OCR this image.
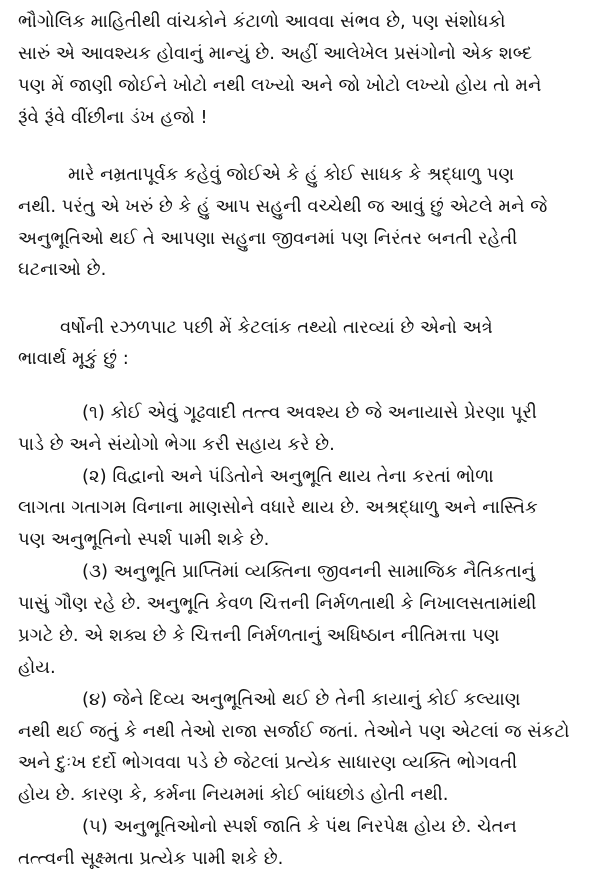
ભૌગોલિક માહિતીથી વાંચકોને કંટાળો આવવા સંભવ છે, પણ સંશોધકો
સારું એ આવશ્યક હોવાનું માન્યું છે. અહીં આલેખેલ પ્રસંગોનો એક શબ્દ
પણ મેં જાણી જોઈને ખોટો નથી લખ્યો અને જો ખોટો લખ્યો હોય તો મને
રૂંવે રૂંવે વીંછીના ડંખ હજો !
મારે નમ્રતાપૂર્વક કહેવું જોઈએ કે હું કોઈ સાધક કે શ્રદ્ધાળુ પણ
નથી. પરંતુ એ ખરું છે કે હું આપ સહુની વચ્ચેથી જ આવું છું એટલે મને જે
અનુભૂતિઓ થઈ તે આપણા સહુના જીવનમાં પણ નિરંતર બનતી રહેતી
ઘટનાઓ છે.
વર્ષોની રઝળપાટ પછી મેં કેટલાંક તથ્યો તારવ્યાં છે એનો અત્રે
ભાવાર્થ મૂકું છું :
(૧) કોઈ એવું ગૂઢવાદી તત્ત્વ અવશ્ય છે જે અનાયાસે પ્રેરણા પૂરી
પાડે છે અને સંયોગો ભેગા કરી સહાય કરે છે.
(૨) વિદ્વાનો અને પંડિતોને અનુભૂતિ થાય તેના કરતાં ભોળા
લાગતા ગતાગમ વિનાના માણસોને વધારે થાય છે. અશ્રદ્ધાળુ અને નાસ્તિક
પણ અનુભૂતિનો સ્પર્શ પામી શકે છે.
(૩) અનુભૂતિ પ્રાપ્તિમાં વ્યક્તિના જીવનની સામાજિક નૈતિકતાનું
પાસું ગૌણ રહે છે. અનુભૂતિ કેવળ ચિત્તની નિર્મળતાથી કે નિખાલસતામાંથી
પ્રગટે છે. એ શક્ય છે કે ચિત્તની નિર્મળતાનું અધિષ્ઠાન નીતિમત્તા પણ
હોય.
(૪) જેને દિવ્ય અનુભૂતિઓ થઈ છે તેની કાયાનું કોઈ કલ્યાણ
નથી થઈ જતું કે નથી તેઓ રાજા સર્જાઈ જતાં. તેઓને પણ એટલાં જ સંકટો
અને દુઃખ દર્દો ભોગવવા પડે છે જેટલાં પ્રત્યેક સાધારણ વ્યક્તિ ભોગવતી
હોય છે. કારણ કે, કર્મના નિયમમાં કોઈ બાંધછોડ હોતી નથી.
(૫) અનુભૂતિઓનો સ્પર્શ જાતિ કે પંથ નિરપેક્ષ હોય છે. ચેતન
તત્ત્વની સૂક્ષ્મતા પ્રત્યેક પામી શકે છે.
